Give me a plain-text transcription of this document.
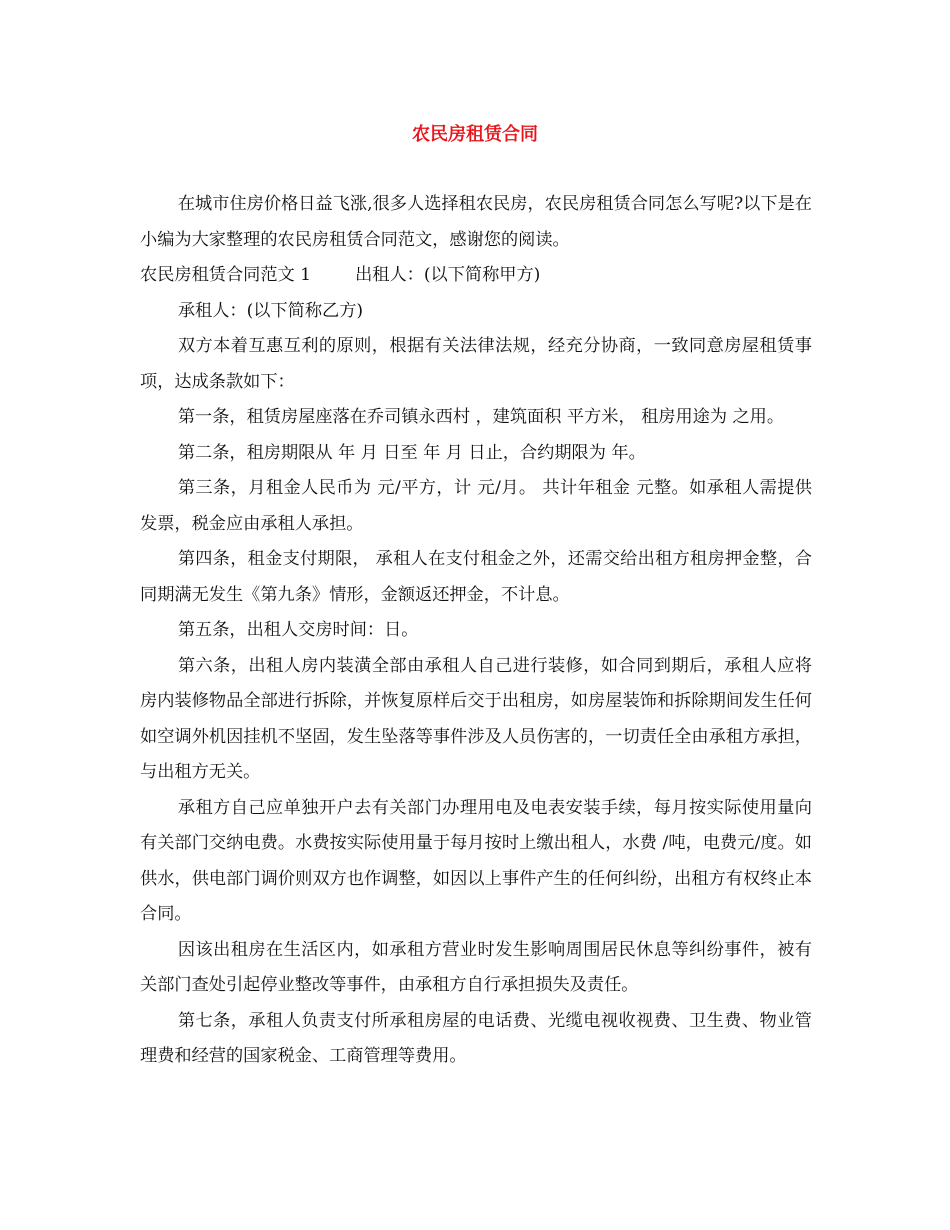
农民房租赁合同

在城市住房价格日益飞涨,很多人选择租农民房，农民房租赁合同怎么写呢?以下是在小编为大家整理的农民房租赁合同范文，感谢您的阅读。

农民房租赁合同范文 1	出租人：(以下简称甲方)

承租人：(以下简称乙方)

双方本着互惠互利的原则，根据有关法律法规，经充分协商，一致同意房屋租赁事项，达成条款如下：

第一条，租赁房屋座落在乔司镇永西村 ，建筑面积 平方米， 租房用途为 之用。

第二条，租房期限从 年 月 日至 年 月 日止，合约期限为 年。

第三条，月租金人民币为 元/平方，计 元/月。 共计年租金 元整。如承租人需提供发票，税金应由承租人承担。

第四条，租金支付期限， 承租人在支付租金之外，还需交给出租方租房押金整，合同期满无发生《第九条》情形，金额返还押金，不计息。

第五条，出租人交房时间：日。

第六条，出租人房内装潢全部由承租人自己进行装修，如合同到期后，承租人应将房内装修物品全部进行拆除，并恢复原样后交于出租房，如房屋装饰和拆除期间发生任何如空调外机因挂机不坚固，发生坠落等事件涉及人员伤害的，一切责任全由承租方承担，与出租方无关。

承租方自己应单独开户去有关部门办理用电及电表安装手续，每月按实际使用量向有关部门交纳电费。水费按实际使用量于每月按时上缴出租人，水费 /吨，电费元/度。如供水，供电部门调价则双方也作调整，如因以上事件产生的任何纠纷，出租方有权终止本合同。

因该出租房在生活区内，如承租方营业时发生影响周围居民休息等纠纷事件，被有关部门查处引起停业整改等事件，由承租方自行承担损失及责任。

第七条，承租人负责支付所承租房屋的电话费、光缆电视收视费、卫生费、物业管理费和经营的国家税金、工商管理等费用。
